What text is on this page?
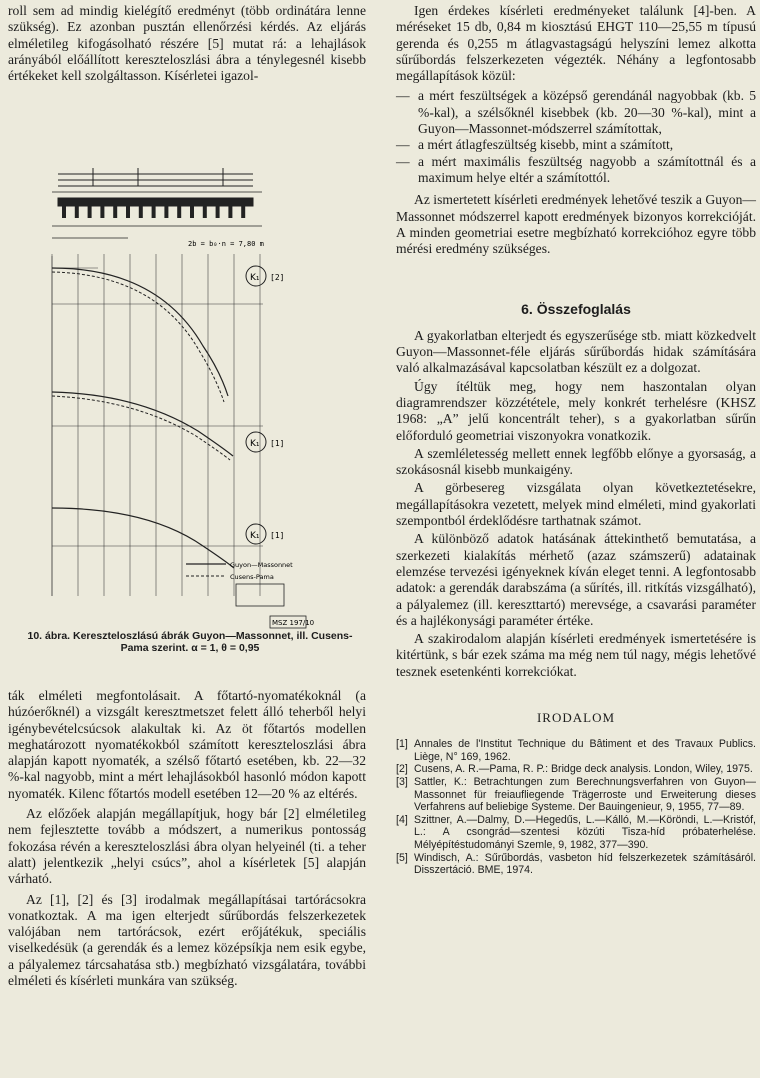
roll sem ad mindig kielégítő eredményt (több ordinátára lenne szükség). Ez azonban pusztán ellenőrzési kérdés. Az eljárás elméletileg kifogásolható részére [5] mutat rá: a lehajlások arányából előállított kereszteloszlási ábra a ténylegesnél kisebb értékeket kell szolgáltasson. Kísérletei igazol-

2b = b₀·n = 7,80 m
K₁
K₁
K₁
[2]
[1]
[1]
Guyon—Massonnet
Cusens-Pama
MSZ 197/10
10. ábra. Kereszteloszlású ábrák Guyon—Massonnet, ill. Cusens-Pama szerint. α = 1, θ = 0,95

ták elméleti megfontolásait. A főtartó-nyomatékoknál (a húzóerőknél) a vizsgált keresztmetszet felett álló teherből helyi igénybevételcsúcsok alakultak ki. Az öt főtartós modellen meghatározott nyomatékokból számított kereszteloszlási ábra alapján kapott nyomaték, a szélső főtartó esetében, kb. 22—32 %-kal nagyobb, mint a mért lehajlásokból hasonló módon kapott nyomaték. Kilenc főtartós modell esetében 12—20 % az eltérés.

Az előzőek alapján megállapítjuk, hogy bár [2] elméletileg nem fejlesztette tovább a módszert, a numerikus pontosság fokozása révén a kereszteloszlási ábra olyan helyeinél (ti. a teher alatt) jelentkezik „helyi csúcs”, ahol a kísérletek [5] alapján várható.

Az [1], [2] és [3] irodalmak megállapításai tartórácsokra vonatkoztak. A ma igen elterjedt sűrűbordás felszerkezetek valójában nem tartórácsok, ezért erőjátékuk, speciális viselkedésük (a gerendák és a lemez középsíkja nem esik egybe, a pályalemez tárcsahatása stb.) megbízható vizsgálatára, további elméleti és kísérleti munkára van szükség.

Igen érdekes kísérleti eredményeket találunk [4]-ben. A méréseket 15 db, 0,84 m kiosztású EHGT 110—25,55 m típusú gerenda és 0,255 m átlagvastagságú helyszíni lemez alkotta sűrűbordás felszerkezeten végezték. Néhány a legfontosabb megállapítások közül:

— a mért feszültségek a középső gerendánál nagyobbak (kb. 5 %-kal), a szélsőknél kisebbek (kb. 20—30 %-kal), mint a Guyon—Massonnet-módszerrel számítottak,
— a mért átlagfeszültség kisebb, mint a számított,
— a mért maximális feszültség nagyobb a számítottnál és a maximum helye eltér a számítottól.

Az ismertetett kísérleti eredmények lehetővé teszik a Guyon—Massonnet módszerrel kapott eredmények bizonyos korrekcióját. A minden geometriai esetre megbízható korrekcióhoz egyre több mérési eredmény szükséges.

6. Összefoglalás

A gyakorlatban elterjedt és egyszerűsége stb. miatt közkedvelt Guyon—Massonnet-féle eljárás sűrűbordás hidak számítására való alkalmazásával kapcsolatban készült ez a dolgozat.

Úgy ítéltük meg, hogy nem haszontalan olyan diagramrendszer közzététele, mely konkrét terhelésre (KHSZ 1968: „A” jelű koncentrált teher), s a gyakorlatban sűrűn előforduló geometriai viszonyokra vonatkozik.

A szemléletesség mellett ennek legfőbb előnye a gyorsaság, a szokásosnál kisebb munkaigény.

A görbesereg vizsgálata olyan következtetésekre, megállapításokra vezetett, melyek mind elméleti, mind gyakorlati szempontból érdeklődésre tarthatnak számot.

A különböző adatok hatásának áttekinthető bemutatása, a szerkezeti kialakítás mérhető (azaz számszerű) adatainak elemzése tervezési igényeknek kíván eleget tenni. A legfontosabb adatok: a gerendák darabszáma (a sűrítés, ill. ritkítás vizsgálható), a pályalemez (ill. kereszttartó) merevsége, a csavarási paraméter és a hajlékonysági paraméter értéke.

A szakirodalom alapján kísérleti eredmények ismertetésére is kitértünk, s bár ezek száma ma még nem túl nagy, mégis lehetővé tesznek esetenkénti korrekciókat.

IRODALOM

[1] Annales de l'Institut Technique du Bâtiment et des Travaux Publics. Liège, N° 169, 1962.
[2] Cusens, A. R.—Pama, R. P.: Bridge deck analysis. London, Wiley, 1975.
[3] Sattler, K.: Betrachtungen zum Berechnungsverfahren von Guyon—Massonnet für freiaufliegende Trägerroste und Erweiterung dieses Verfahrens auf beliebige Systeme. Der Bauingenieur, 9, 1955, 77—89.
[4] Szittner, A.—Dalmy, D.—Hegedűs, L.—Kálló, M.—Köröndi, L.—Kristóf, L.: A csongrád—szentesi közúti Tisza-híd próbaterhelése. Mélyépítéstudományi Szemle, 9, 1982, 377—390.
[5] Windisch, A.: Sűrűbordás, vasbeton híd felszerkezetek számításáról. Disszertáció. BME, 1974.
